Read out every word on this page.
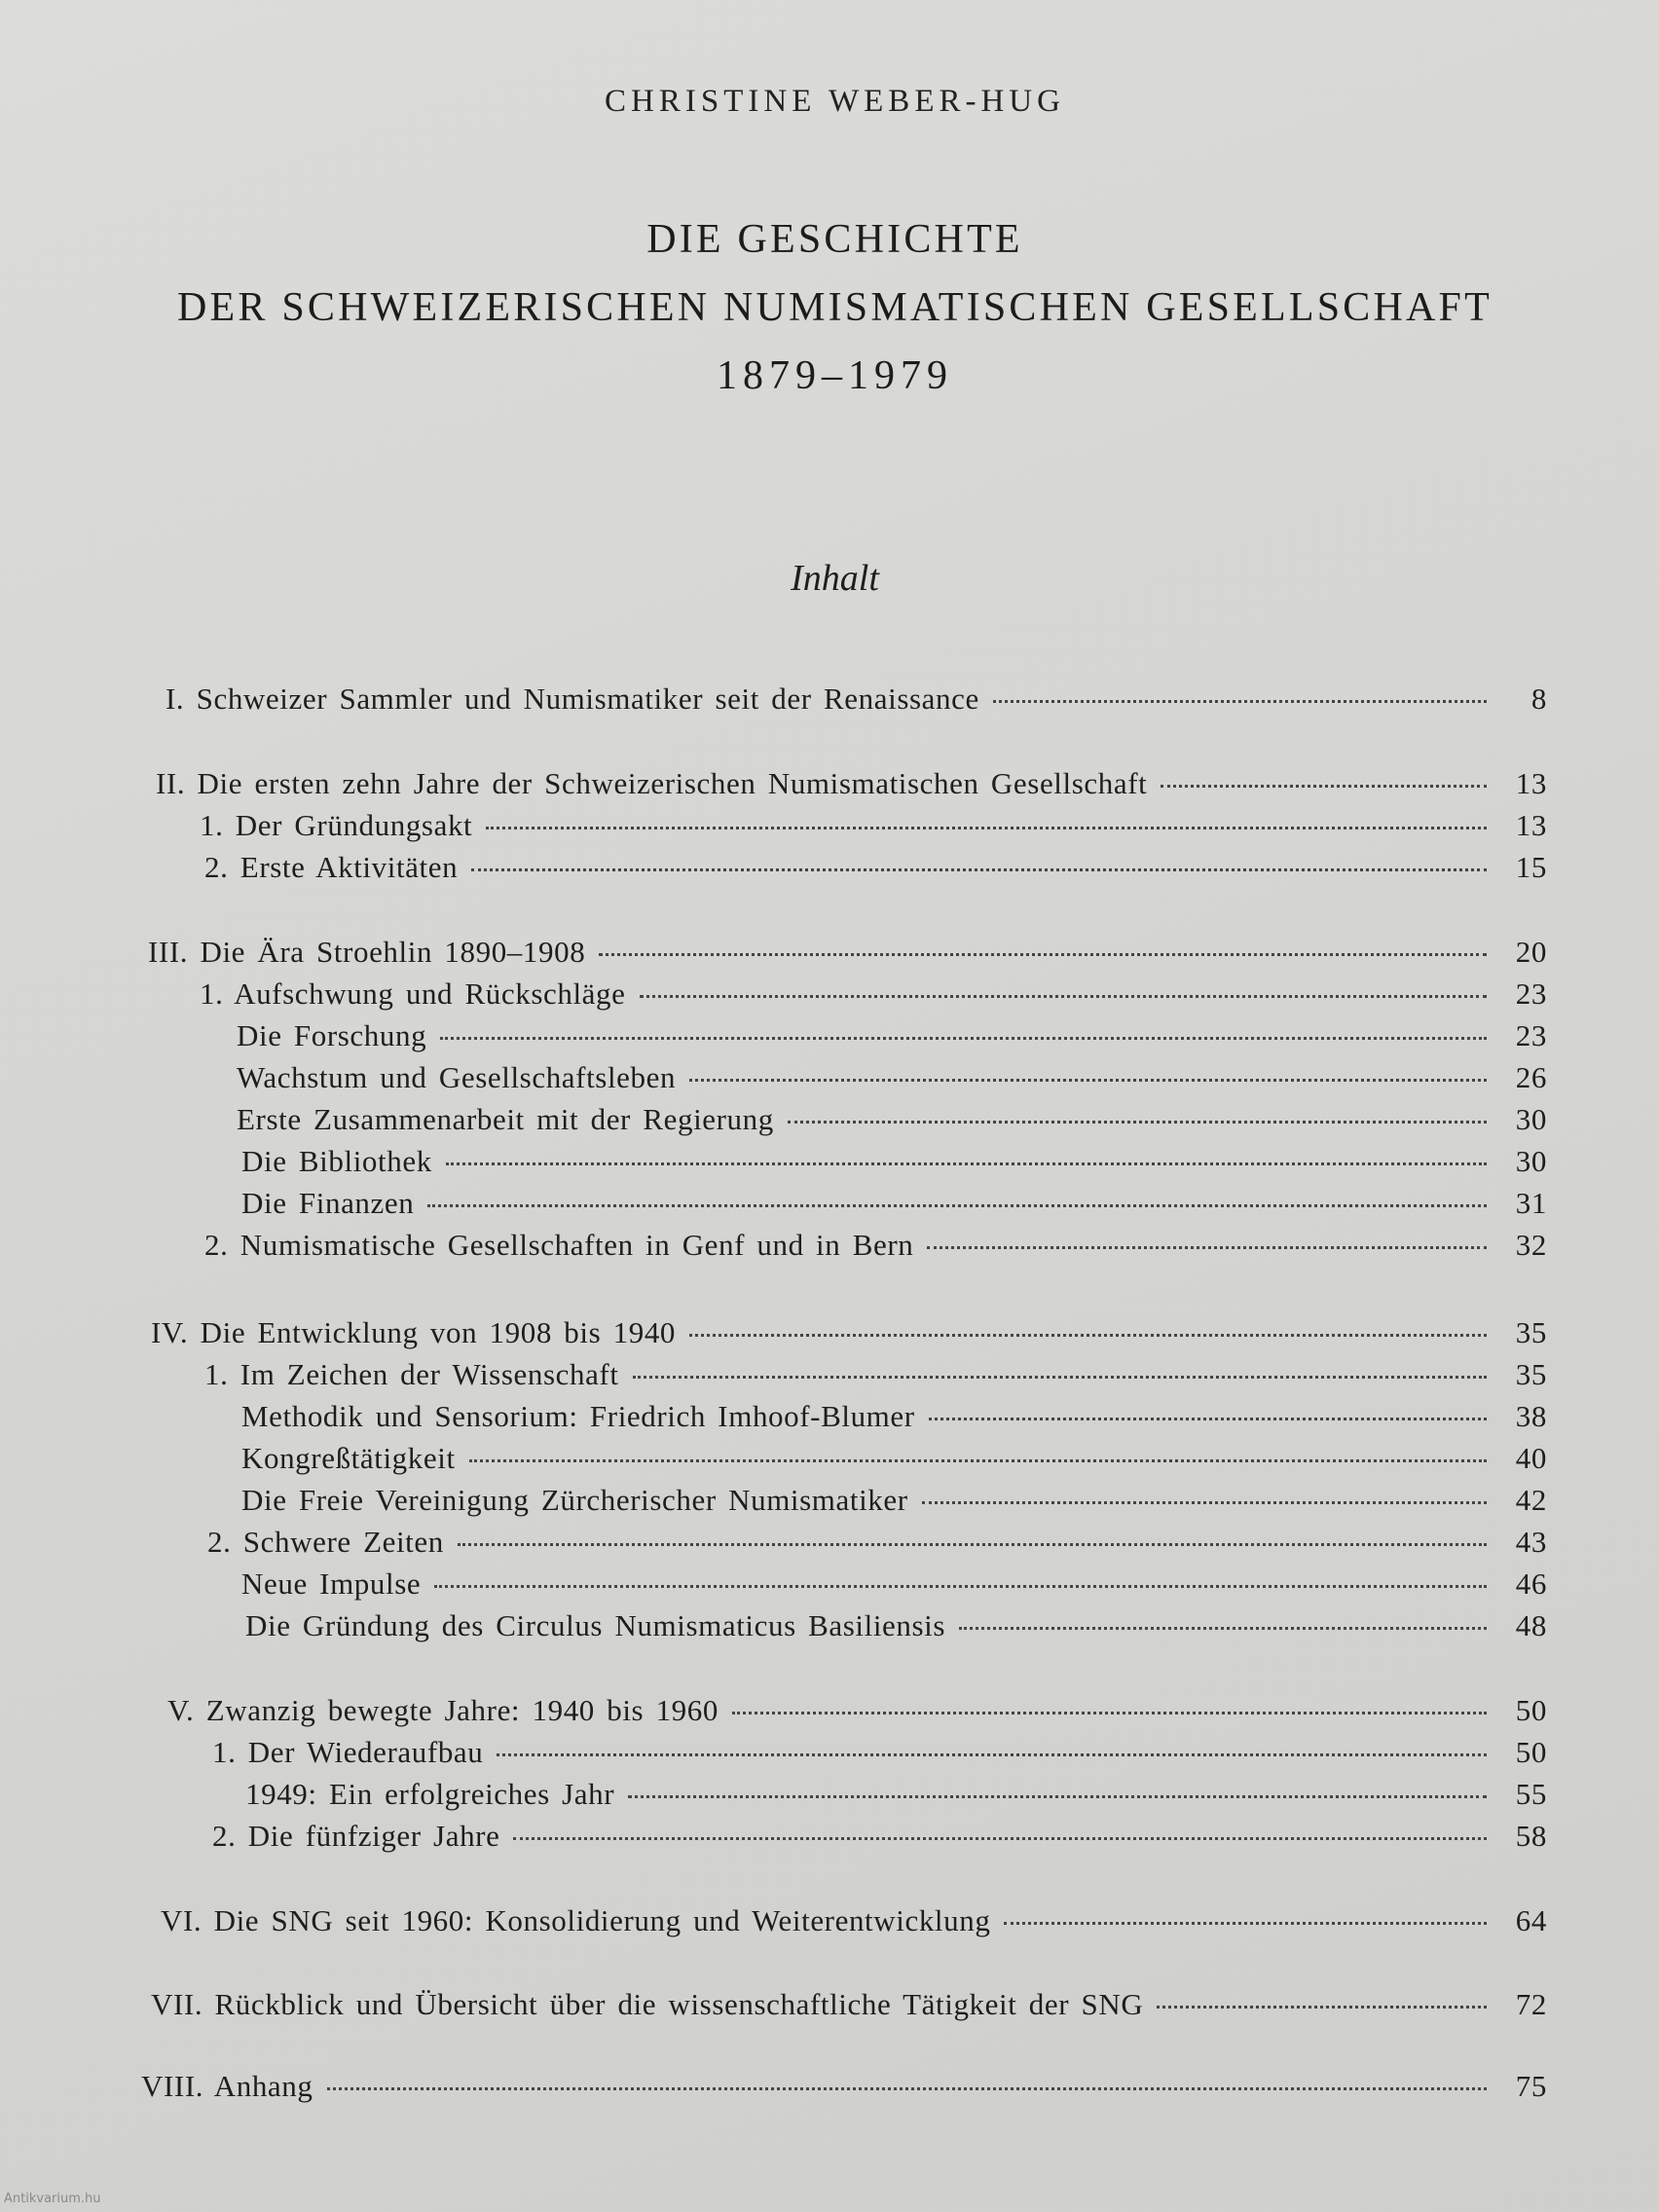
CHRISTINE WEBER-HUG
DIE GESCHICHTE
DER SCHWEIZERISCHEN NUMISMATISCHEN GESELLSCHAFT
1879–1979
Inhalt
I. Schweizer Sammler und Numismatiker seit der Renaissance	8
II. Die ersten zehn Jahre der Schweizerischen Numismatischen Gesellschaft	13
1. Der Gründungsakt	13
2. Erste Aktivitäten	15
III. Die Ära Stroehlin 1890–1908	20
1. Aufschwung und Rückschläge	23
Die Forschung	23
Wachstum und Gesellschaftsleben	26
Erste Zusammenarbeit mit der Regierung	30
Die Bibliothek	30
Die Finanzen	31
2. Numismatische Gesellschaften in Genf und in Bern	32
IV. Die Entwicklung von 1908 bis 1940	35
1. Im Zeichen der Wissenschaft	35
Methodik und Sensorium: Friedrich Imhoof-Blumer	38
Kongreßtätigkeit	40
Die Freie Vereinigung Zürcherischer Numismatiker	42
2. Schwere Zeiten	43
Neue Impulse	46
Die Gründung des Circulus Numismaticus Basiliensis	48
V. Zwanzig bewegte Jahre: 1940 bis 1960	50
1. Der Wiederaufbau	50
1949: Ein erfolgreiches Jahr	55
2. Die fünfziger Jahre	58
VI. Die SNG seit 1960: Konsolidierung und Weiterentwicklung	64
VII. Rückblick und Übersicht über die wissenschaftliche Tätigkeit der SNG	72
VIII. Anhang	75
Antikvarium.hu
